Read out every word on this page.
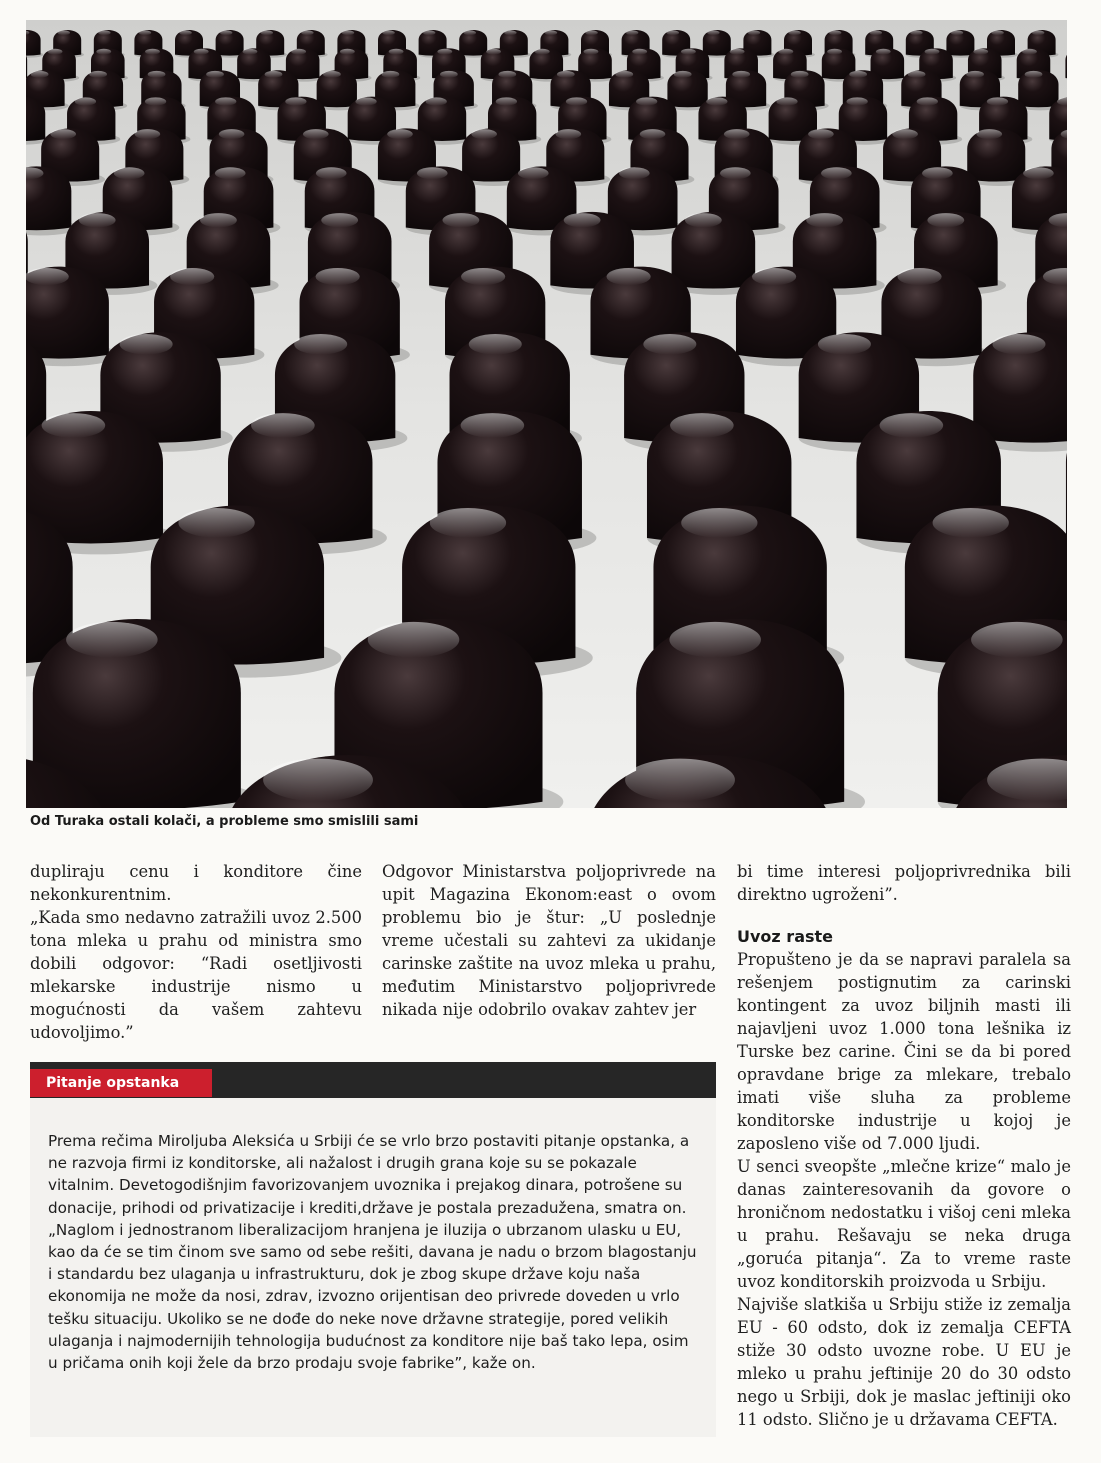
Od Turaka ostali kolači, a probleme smo smislili sami

dupliraju cenu i konditore čine nekonkurentnim.

„Kada smo nedavno zatražili uvoz 2.500 tona mleka u prahu od ministra smo dobili odgovor: “Radi osetljivosti mlekarske industrije nismo u mogućnosti da vašem zahtevu udovoljimo.”

Odgovor Ministarstva poljoprivrede na upit Magazina Ekonom:east o ovom problemu bio je štur: „U poslednje vreme učestali su zahtevi za ukidanje carinske zaštite na uvoz mleka u prahu, međutim Ministarstvo poljoprivrede nikada nije odobrilo ovakav zahtev jer

bi time interesi poljoprivrednika bili direktno ugroženi”.

Uvoz raste

Propušteno je da se napravi paralela sa rešenjem postignutim za carinski kontingent za uvoz biljnih masti ili najavljeni uvoz 1.000 tona lešnika iz Turske bez carine. Čini se da bi pored opravdane brige za mlekare, trebalo imati više sluha za probleme konditorske industrije u kojoj je zaposleno više od 7.000 ljudi.

U senci sveopšte „mlečne krize“ malo je danas zainteresovanih da govore o hroničnom nedostatku i višoj ceni mleka u prahu. Rešavaju se neka druga „goruća pitanja“. Za to vreme raste uvoz konditorskih proizvoda u Srbiju.

Najviše slatkiša u Srbiju stiže iz zemalja EU - 60 odsto, dok iz zemalja CEFTA stiže 30 odsto uvozne robe. U EU je mleko u prahu jeftinije 20 do 30 odsto nego u Srbiji, dok je maslac jeftiniji oko 11 odsto. Slično je u državama CEFTA.

Pitanje opstanka

Prema rečima Miroljuba Aleksića u Srbiji će se vrlo brzo postaviti pitanje opstanka, a ne razvoja firmi iz konditorske, ali nažalost i drugih grana koje su se pokazale vitalnim. Devetogodišnjim favorizovanjem uvoznika i prejakog dinara, potrošene su donacije, prihodi od privatizacije i krediti,države je postala prezadužena, smatra on.

„Naglom i jednostranom liberalizacijom hranjena je iluzija o ubrzanom ulasku u EU, kao da će se tim činom sve samo od sebe rešiti, davana je nadu o brzom blagostanju i standardu bez ulaganja u infrastrukturu, dok je zbog skupe države koju naša ekonomija ne može da nosi, zdrav, izvozno orijentisan deo privrede doveden u vrlo tešku situaciju. Ukoliko se ne dođe do neke nove državne strategije, pored velikih ulaganja i najmodernijih tehnologija budućnost za konditore nije baš tako lepa, osim u pričama onih koji žele da brzo prodaju svoje fabrike”, kaže on.
